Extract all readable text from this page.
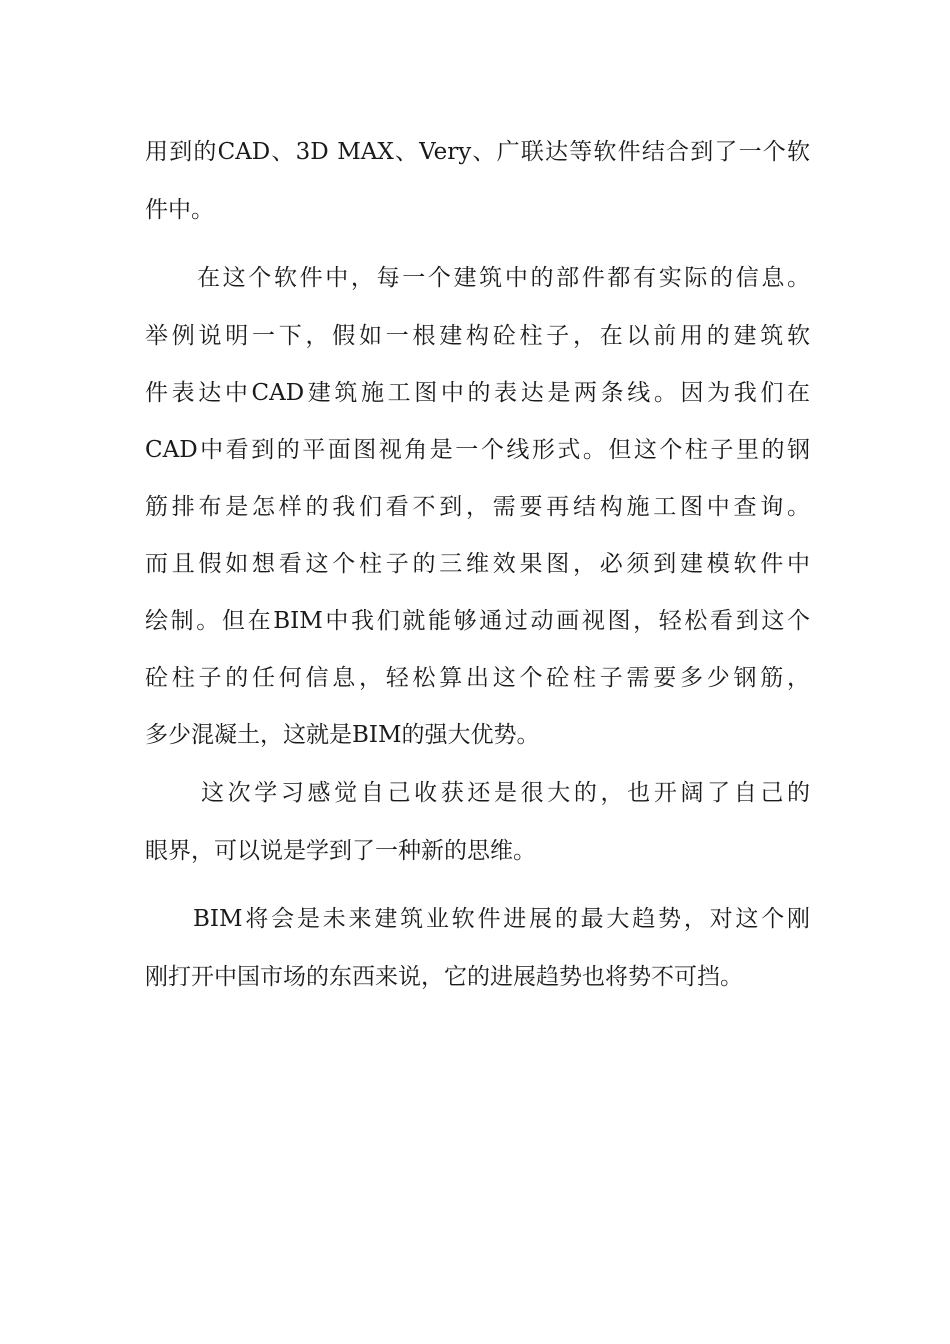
用到的CAD、3D MAX、Very、广联达等软件结合到了一个软
件中。
在这个软件中，每一个建筑中的部件都有实际的信息。
举例说明一下，假如一根建构砼柱子，在以前用的建筑软
件表达中CAD建筑施工图中的表达是两条线。因为我们在
CAD中看到的平面图视角是一个线形式。但这个柱子里的钢
筋排布是怎样的我们看不到，需要再结构施工图中查询。
而且假如想看这个柱子的三维效果图，必须到建模软件中
绘制。但在BIM中我们就能够通过动画视图，轻松看到这个
砼柱子的任何信息，轻松算出这个砼柱子需要多少钢筋，
多少混凝土，这就是BIM的强大优势。
这次学习感觉自己收获还是很大的，也开阔了自己的
眼界，可以说是学到了一种新的思维。
BIM将会是未来建筑业软件进展的最大趋势，对这个刚
刚打开中国市场的东西来说，它的进展趋势也将势不可挡。
